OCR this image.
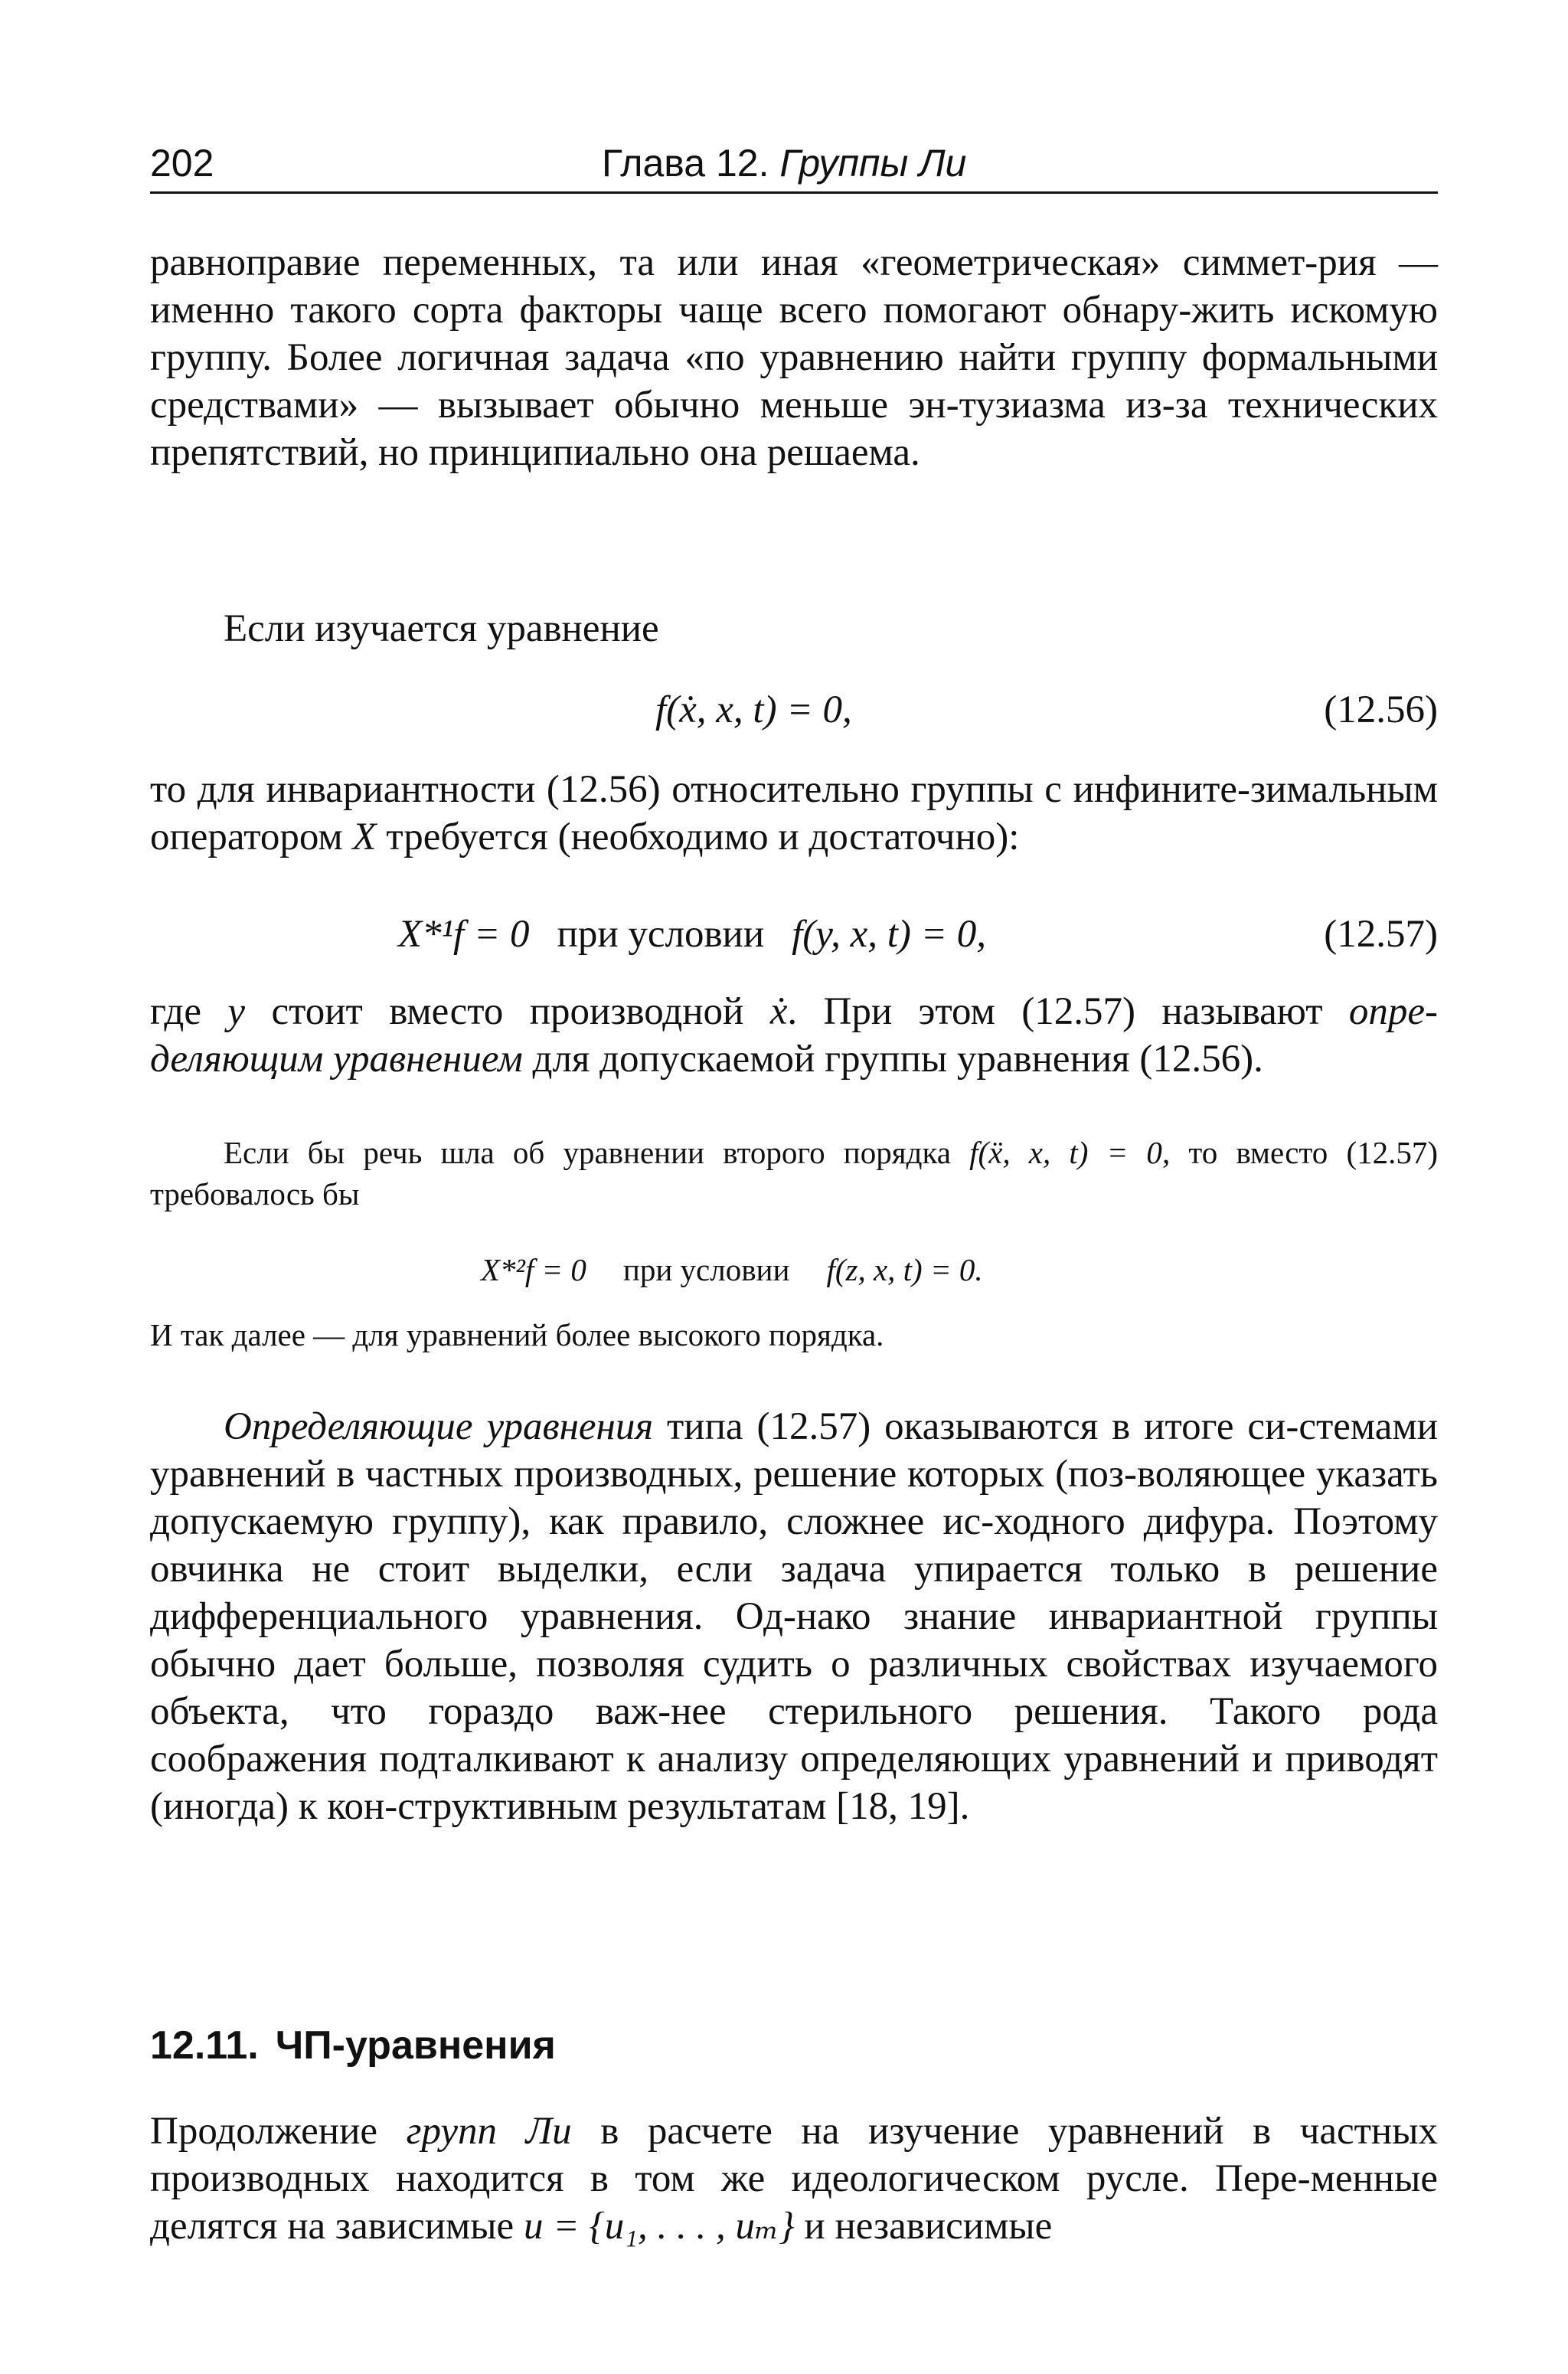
202	Глава 12. Группы Ли

равноправие переменных, та или иная «геометрическая» симмет-рия — именно такого сорта факторы чаще всего помогают обнару-жить искомую группу. Более логичная задача «по уравнению найти группу формальными средствами» — вызывает обычно меньше эн-тузиазма из-за технических препятствий, но принципиально она решаема.

Если изучается уравнение

f(ẋ, x, t) = 0,	(12.56)

то для инвариантности (12.56) относительно группы с инфините-зимальным оператором X требуется (необходимо и достаточно):

X*¹f = 0 при условии f(y, x, t) = 0,	(12.57)

где y стоит вместо производной ẋ. При этом (12.57) называют опре-деляющим уравнением для допускаемой группы уравнения (12.56).

Если бы речь шла об уравнении второго порядка f(ẍ, x, t) = 0, то вместо (12.57) требовалось бы

X*²f = 0 при условии f(z, x, t) = 0.

И так далее — для уравнений более высокого порядка.

Определяющие уравнения типа (12.57) оказываются в итоге си-стемами уравнений в частных производных, решение которых (поз-воляющее указать допускаемую группу), как правило, сложнее ис-ходного дифура. Поэтому овчинка не стоит выделки, если задача упирается только в решение дифференциального уравнения. Од-нако знание инвариантной группы обычно дает больше, позволяя судить о различных свойствах изучаемого объекта, что гораздо важ-нее стерильного решения. Такого рода соображения подталкивают к анализу определяющих уравнений и приводят (иногда) к кон-структивным результатам [18, 19].

12.11. ЧП-уравнения

Продолжение групп Ли в расчете на изучение уравнений в частных производных находится в том же идеологическом русле. Пере-менные делятся на зависимые u = {u₁, . . . , uₘ} и независимые
